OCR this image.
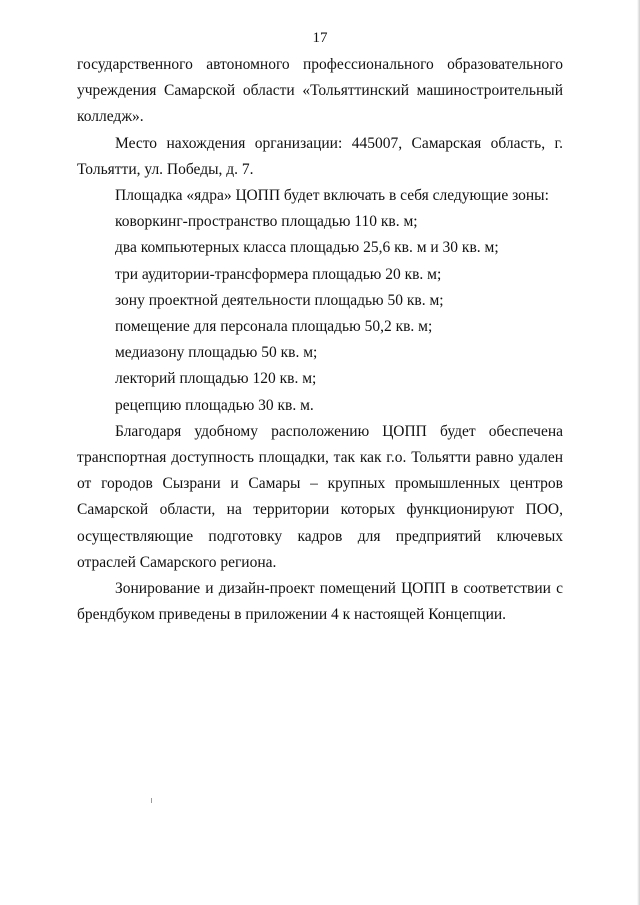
17

государственного автономного профессионального образовательного учреждения Самарской области «Тольяттинский машиностроительный колледж».

Место нахождения организации: 445007, Самарская область, г. Тольятти, ул. Победы, д. 7.

Площадка «ядра» ЦОПП будет включать в себя следующие зоны:

коворкинг-пространство площадью 110 кв. м;

два компьютерных класса площадью 25,6 кв. м и 30 кв. м;

три аудитории-трансформера площадью 20 кв. м;

зону проектной деятельности площадью 50 кв. м;

помещение для персонала площадью 50,2 кв. м;

медиазону площадью 50 кв. м;

лекторий площадью 120 кв. м;

рецепцию площадью 30 кв. м.

Благодаря удобному расположению ЦОПП будет обеспечена транспортная доступность площадки, так как г.о. Тольятти равно удален от городов Сызрани и Самары – крупных промышленных центров Самарской области, на территории которых функционируют ПОО, осуществляющие подготовку кадров для предприятий ключевых отраслей Самарского региона.

Зонирование и дизайн-проект помещений ЦОПП в соответствии с брендбуком приведены в приложении 4 к настоящей Концепции.
